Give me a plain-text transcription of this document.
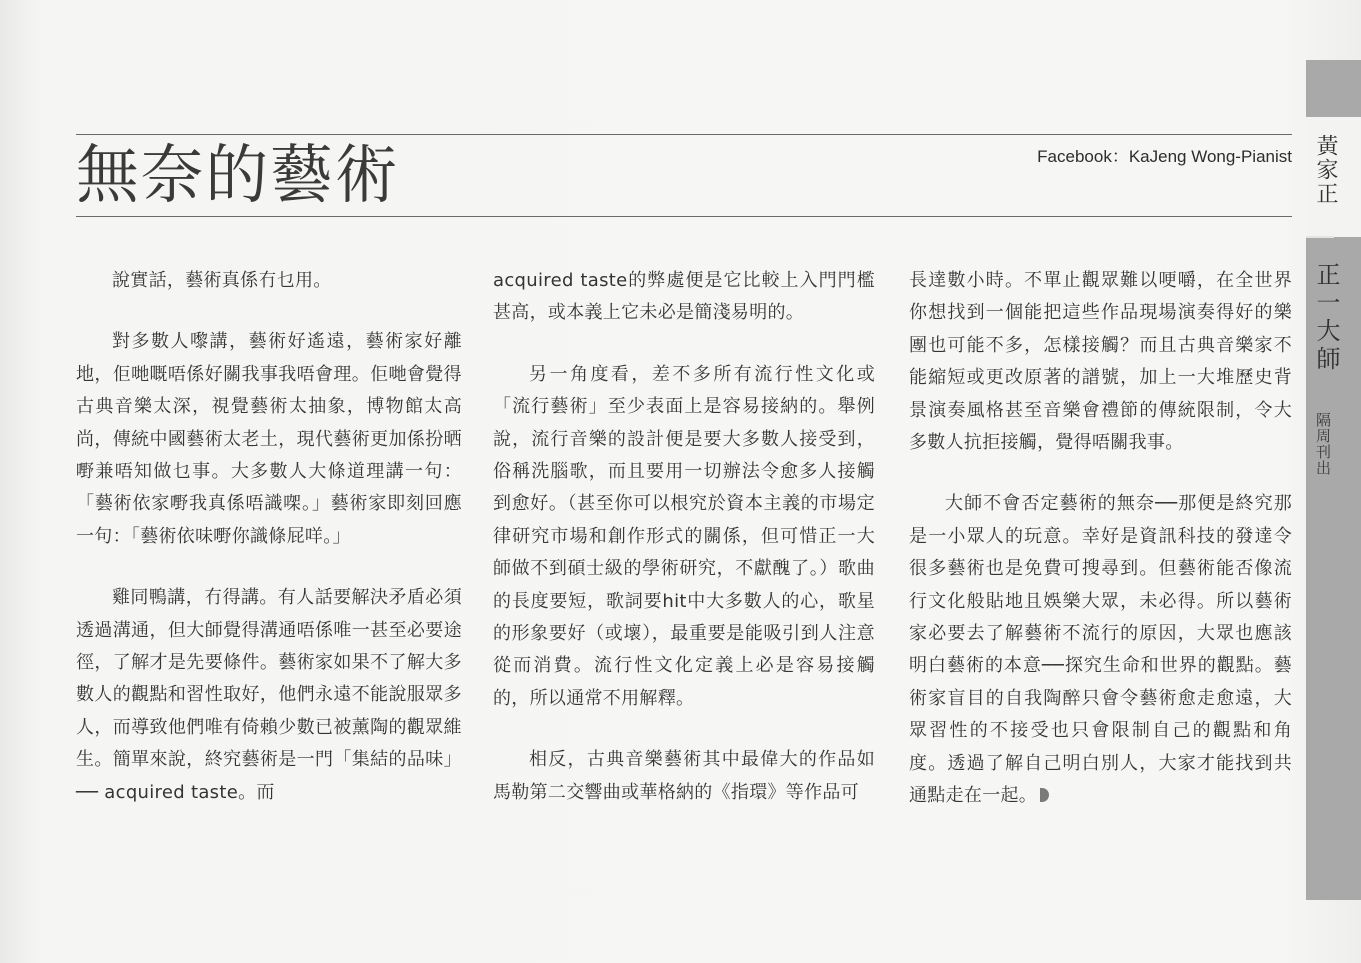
無奈的藝術	Facebook：KaJeng Wong-Pianist

說實話，藝術真係冇乜用。

對多數人嚟講，藝術好遙遠，藝術家好離地，佢哋嘅唔係好關我事我唔會理。佢哋會覺得古典音樂太深，視覺藝術太抽象，博物館太高尚，傳統中國藝術太老土，現代藝術更加係扮晒嘢兼唔知做乜事。大多數人大條道理講一句：「藝術依家嘢我真係唔識㗎。」藝術家即刻回應一句：「藝術依味嘢你識條屁咩。」

雞同鴨講，冇得講。有人話要解決矛盾必須透過溝通，但大師覺得溝通唔係唯一甚至必要途徑，了解才是先要條件。藝術家如果不了解大多數人的觀點和習性取好，他們永遠不能說服眾多人，而導致他們唯有倚賴少數已被薰陶的觀眾維生。簡單來說，終究藝術是一門「集結的品味」── acquired taste。而

acquired taste的弊處便是它比較上入門門檻甚高，或本義上它未必是簡淺易明的。

另一角度看，差不多所有流行性文化或「流行藝術」至少表面上是容易接納的。舉例說，流行音樂的設計便是要大多數人接受到，俗稱洗腦歌，而且要用一切辦法令愈多人接觸到愈好。（甚至你可以根究於資本主義的市場定律研究市場和創作形式的關係，但可惜正一大師做不到碩士級的學術研究，不獻醜了。）歌曲的長度要短，歌詞要hit中大多數人的心，歌星的形象要好（或壞），最重要是能吸引到人注意從而消費。流行性文化定義上必是容易接觸的，所以通常不用解釋。

相反，古典音樂藝術其中最偉大的作品如馬勒第二交響曲或華格納的《指環》等作品可

長達數小時。不單止觀眾難以哽嚼，在全世界你想找到一個能把這些作品現場演奏得好的樂團也可能不多，怎樣接觸？而且古典音樂家不能縮短或更改原著的譜號，加上一大堆歷史背景演奏風格甚至音樂會禮節的傳統限制，令大多數人抗拒接觸，覺得唔關我事。

大師不會否定藝術的無奈──那便是終究那是一小眾人的玩意。幸好是資訊科技的發達令很多藝術也是免費可搜尋到。但藝術能否像流行文化般貼地且娛樂大眾，未必得。所以藝術家必要去了解藝術不流行的原因，大眾也應該明白藝術的本意──探究生命和世界的觀點。藝術家盲目的自我陶醉只會令藝術愈走愈遠，大眾習性的不接受也只會限制自己的觀點和角度。透過了解自己明白別人，大家才能找到共通點走在一起。

黃家正
正一大師
隔周刊出
